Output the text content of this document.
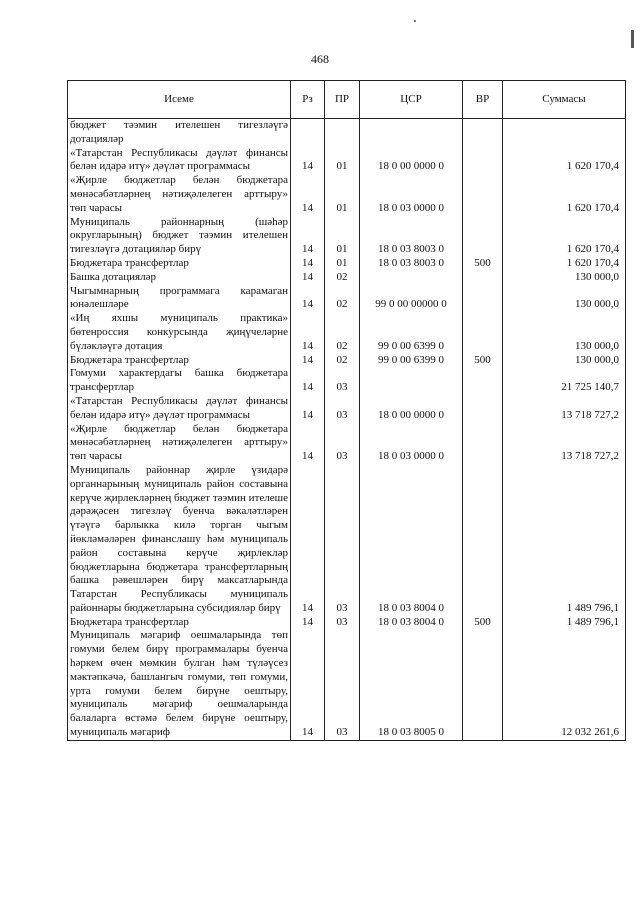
468
Исеме	Рз	ПР	ЦСР	ВР	Суммасы
бюджет тәэмин ителешен тигезләүгә дотацияләр					
«Татарстан Республикасы дәүләт финансы белән идарә итү» дәүләт программасы	14	01	18 0 00 0000 0		1 620 170,4
«Җирле бюджетлар белән бюджетара мөнәсәбәтләрнең нәтиҗәлелеген арттыру» төп чарасы	14	01	18 0 03 0000 0		1 620 170,4
Муниципаль районнарның (шәһәр округларының) бюджет тәэмин ителешен тигезләүгә дотацияләр бирү	14	01	18 0 03 8003 0		1 620 170,4
Бюджетара трансфертлар	14	01	18 0 03 8003 0	500	1 620 170,4
Башка дотацияләр	14	02			130 000,0
Чыгымнарның программага карамаган юнәлешләре	14	02	99 0 00 00000 0		130 000,0
«Иң яхшы муниципаль практика» бөтенроссия конкурсында җиңүчеләрне бүләкләүгә дотация	14	02	99 0 00 6399 0		130 000,0
Бюджетара трансфертлар	14	02	99 0 00 6399 0	500	130 000,0
Гомуми характердагы башка бюджетара трансфертлар	14	03			21 725 140,7
«Татарстан Республикасы дәүләт финансы белән идарә итү» дәүләт программасы	14	03	18 0 00 0000 0		13 718 727,2
«Җирле бюджетлар белән бюджетара мөнәсәбәтләрнең нәтиҗәлелеген арттыру» төп чарасы	14	03	18 0 03 0000 0		13 718 727,2
Муниципаль районнар җирле үзидарә органнарының муниципаль район составына керүче җирлекләрнең бюджет тәэмин ителеше дәрәҗәсен тигезләү буенча вәкаләтләрен үтәүгә барлыкка килә торган чыгым йөкләмәләрен финанслашу һәм муниципаль район составына керүче җирлекләр бюджетларына бюджетара трансфертларның башка рәвешләрен бирү максатларында Татарстан Республикасы муниципаль районнары бюджетларына субсидияләр бирү	14	03	18 0 03 8004 0		1 489 796,1
Бюджетара трансфертлар	14	03	18 0 03 8004 0	500	1 489 796,1
Муниципаль мәгариф оешмаларында төп гомуми белем бирү программалары буенча һәркем өчен мөмкин булган һәм түләүсез мәктәпкәчә, башлангыч гомуми, төп гомуми, урта гомуми белем бирүне оештыру, муниципаль мәгариф оешмаларында балаларга өстәмә белем бирүне оештыру, муниципаль мәгариф	14	03	18 0 03 8005 0		12 032 261,6
